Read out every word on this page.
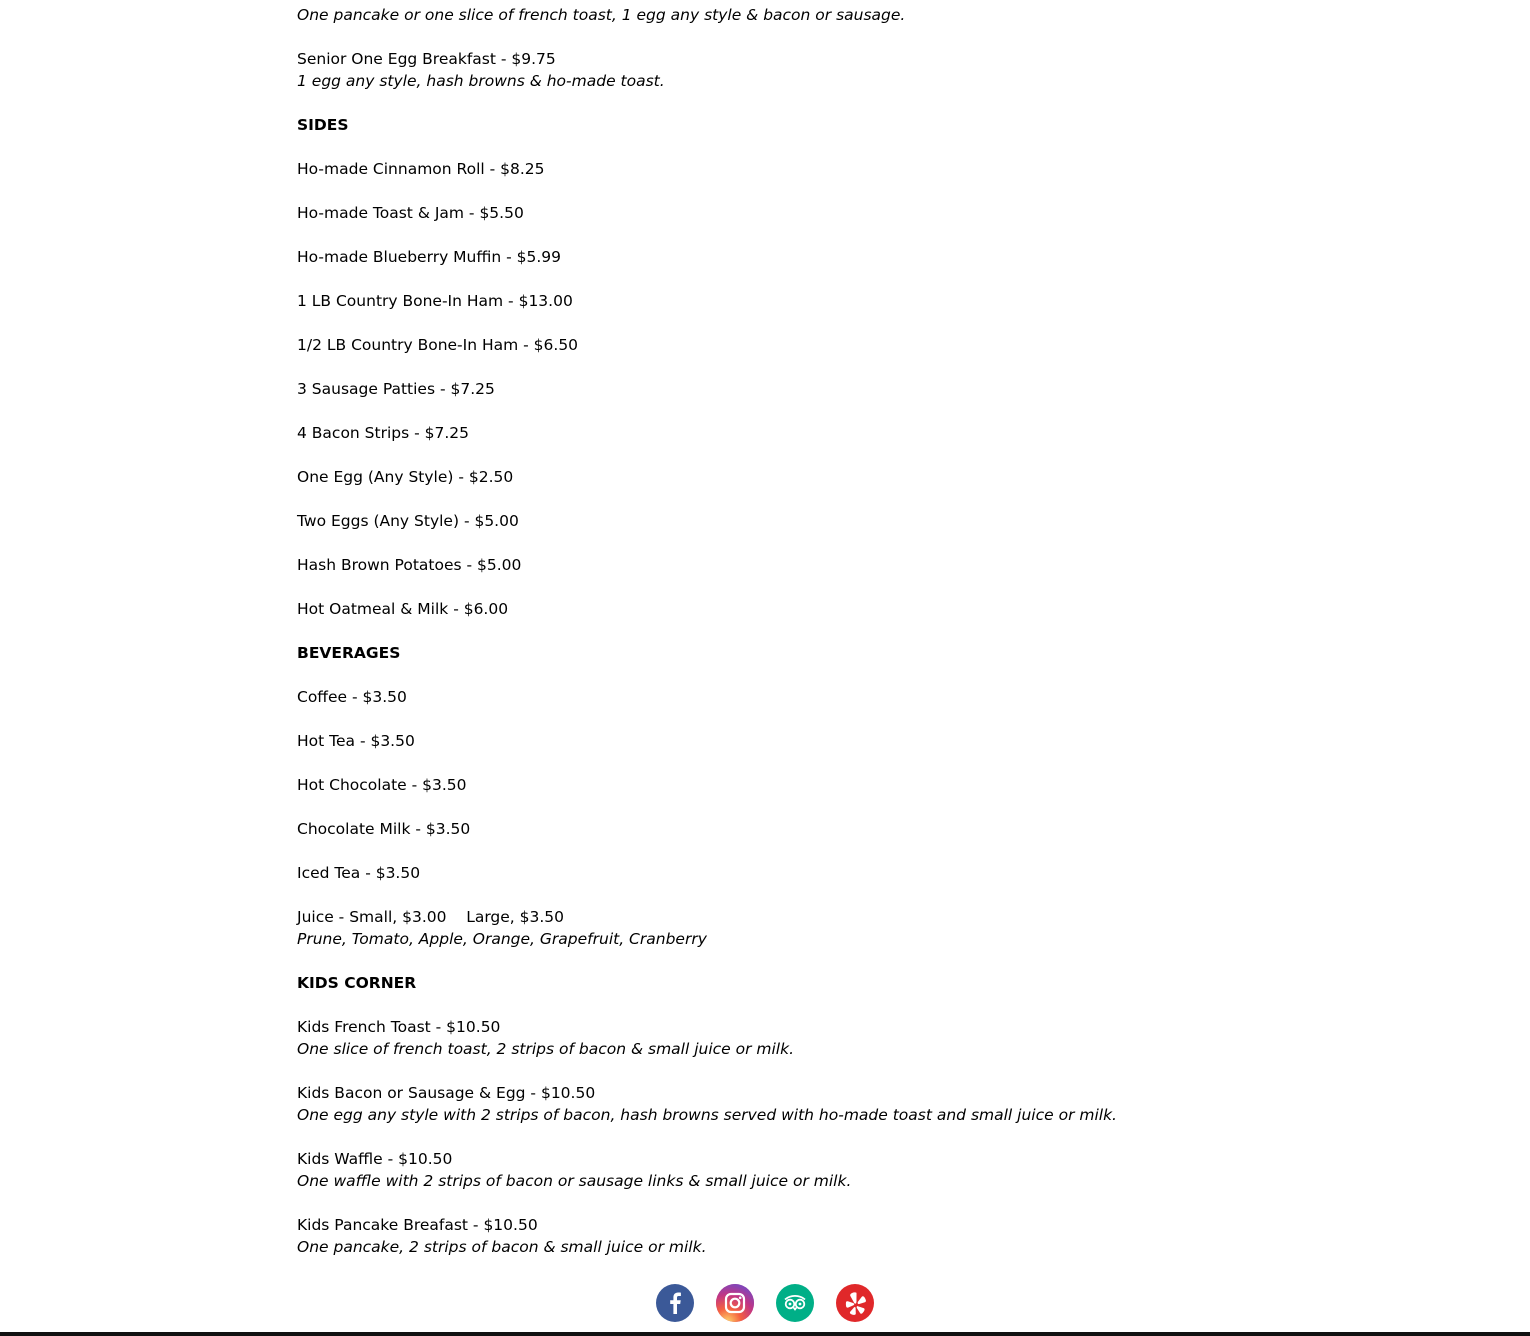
One pancake or one slice of french toast, 1 egg any style & bacon or sausage.
Senior One Egg Breakfast - $9.75
1 egg any style, hash browns & ho-made toast.
SIDES
Ho-made Cinnamon Roll - $8.25
Ho-made Toast & Jam - $5.50
Ho-made Blueberry Muffin - $5.99
1 LB Country Bone-In Ham - $13.00
1/2 LB Country Bone-In Ham - $6.50
3 Sausage Patties - $7.25
4 Bacon Strips - $7.25
One Egg (Any Style) - $2.50
Two Eggs (Any Style) - $5.00
Hash Brown Potatoes - $5.00
Hot Oatmeal & Milk - $6.00
BEVERAGES
Coffee - $3.50
Hot Tea - $3.50
Hot Chocolate - $3.50
Chocolate Milk - $3.50
Iced Tea - $3.50
Juice - Small, $3.00    Large, $3.50
Prune, Tomato, Apple, Orange, Grapefruit, Cranberry
KIDS CORNER
Kids French Toast - $10.50
One slice of french toast, 2 strips of bacon & small juice or milk.
Kids Bacon or Sausage & Egg - $10.50
One egg any style with 2 strips of bacon, hash browns served with ho-made toast and small juice or milk.
Kids Waffle - $10.50
One waffle with 2 strips of bacon or sausage links & small juice or milk.
Kids Pancake Breafast - $10.50
One pancake, 2 strips of bacon & small juice or milk.
